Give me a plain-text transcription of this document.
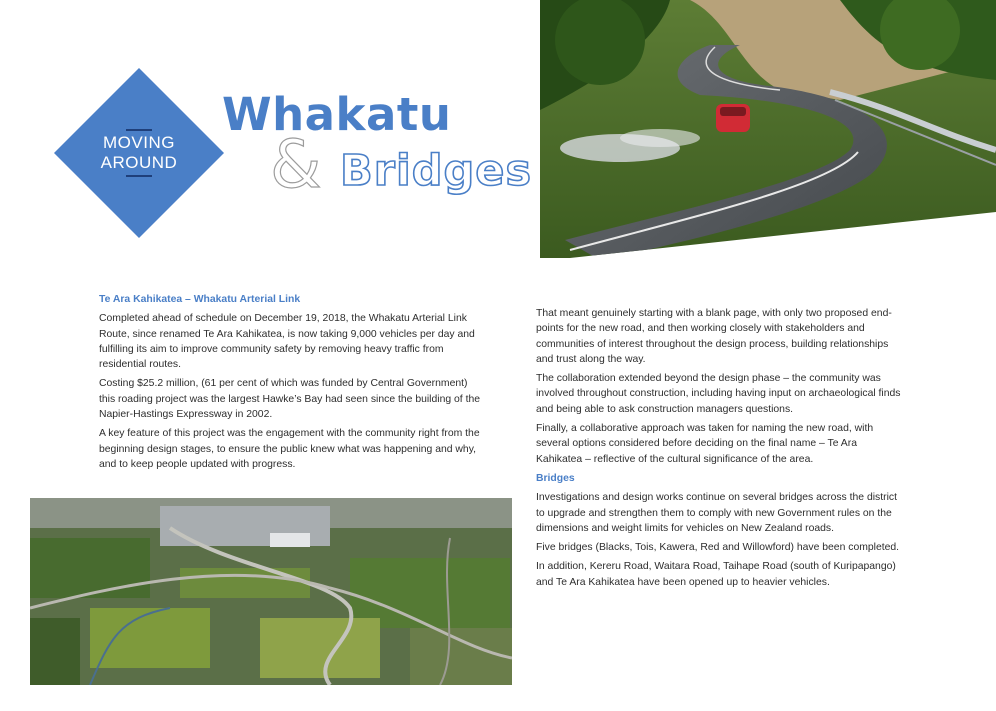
MOVING
AROUND
Whakatu
& Bridges

Te Ara Kahikatea – Whakatu Arterial Link

Completed ahead of schedule on December 19, 2018, the Whakatu Arterial Link Route, since renamed Te Ara Kahikatea, is now taking 9,000 vehicles per day and fulfilling its aim to improve community safety by removing heavy traffic from residential routes.

Costing $25.2 million, (61 per cent of which was funded by Central Government) this roading project was the largest Hawke’s Bay had seen since the building of the Napier-Hastings Expressway in 2002.

A key feature of this project was the engagement with the community right from the beginning design stages, to ensure the public knew what was happening and why, and to keep people updated with progress.

That meant genuinely starting with a blank page, with only two proposed end-points for the new road, and then working closely with stakeholders and communities of interest throughout the design process, building relationships and trust along the way.

The collaboration extended beyond the design phase – the community was involved throughout construction, including having input on archaeological finds and being able to ask construction managers questions.

Finally, a collaborative approach was taken for naming the new road, with several options considered before deciding on the final name – Te Ara Kahikatea – reflective of the cultural significance of the area.

Bridges

Investigations and design works continue on several bridges across the district to upgrade and strengthen them to comply with new Government rules on the dimensions and weight limits for vehicles on New Zealand roads.

Five bridges (Blacks, Tois, Kawera, Red and Willowford) have been completed.

In addition, Kereru Road, Waitara Road, Taihape Road (south of Kuripapango) and Te Ara Kahikatea have been opened up to heavier vehicles.
